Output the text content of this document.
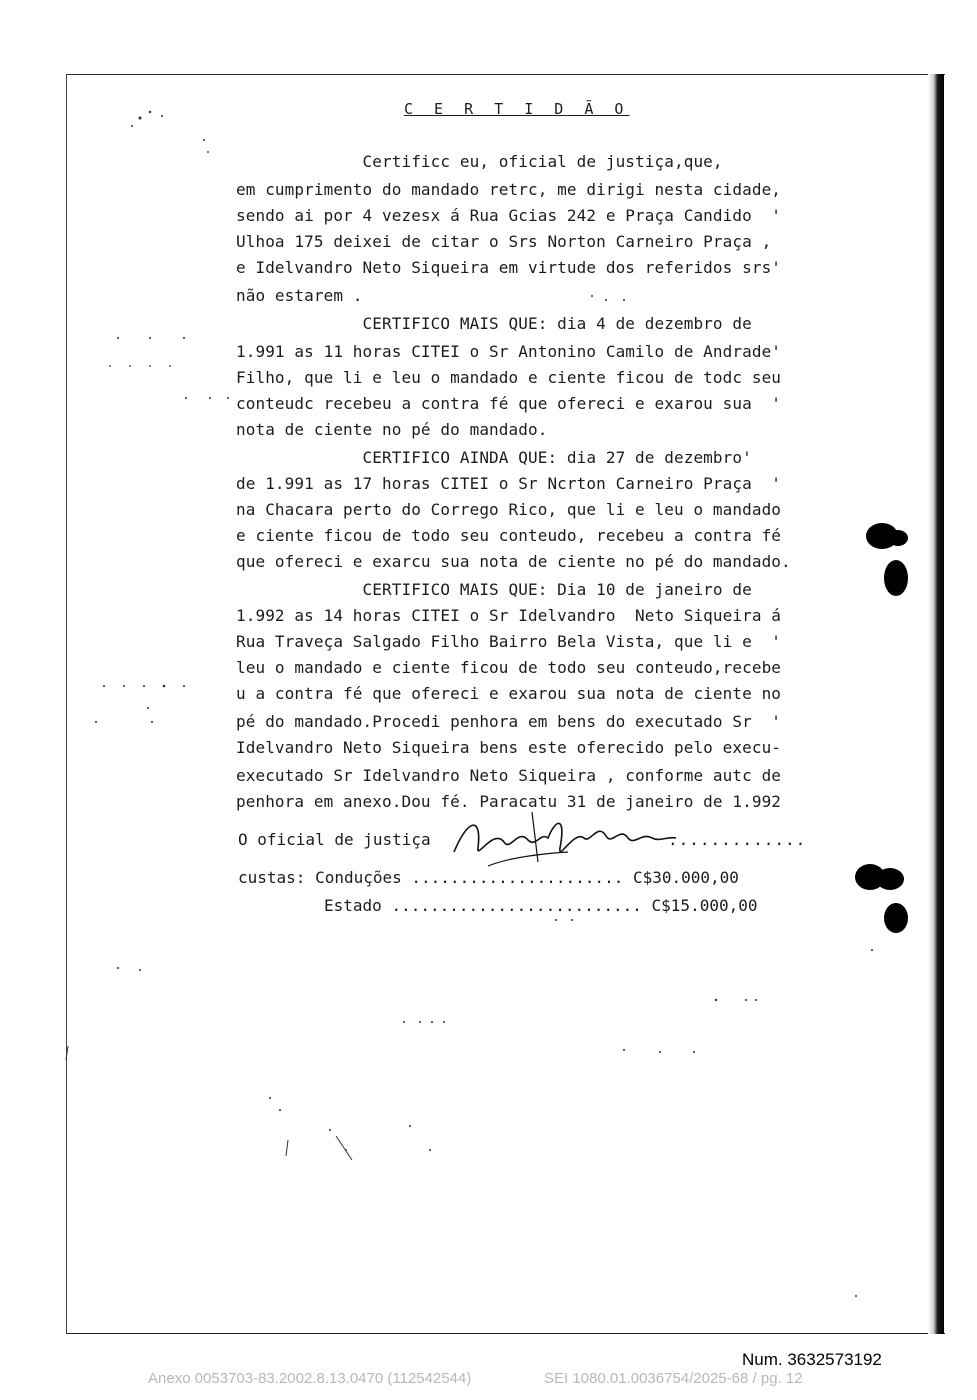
C E R T I D Ã O
Certificc eu, oficial de justiça,que,
em cumprimento do mandado retrc, me dirigi nesta cidade,
sendo ai por 4 vezesx á Rua Gcias 242 e Praça Candido  '
Ulhoa 175 deixei de citar o Srs Norton Carneiro Praça ,
e Idelvandro Neto Siqueira em virtude dos referidos srs'
não estarem .
CERTIFICO MAIS QUE: dia 4 de dezembro de
1.991 as 11 horas CITEI o Sr Antonino Camilo de Andrade'
Filho, que li e leu o mandado e ciente ficou de todc seu
conteudc recebeu a contra fé que ofereci e exarou sua  '
nota de ciente no pé do mandado.
CERTIFICO AINDA QUE: dia 27 de dezembro'
de 1.991 as 17 horas CITEI o Sr Ncrton Carneiro Praça  '
na Chacara perto do Corrego Rico, que li e leu o mandado
e ciente ficou de todo seu conteudo, recebeu a contra fé
que ofereci e exarcu sua nota de ciente no pé do mandado.
CERTIFICO MAIS QUE: Dia 10 de janeiro de
1.992 as 14 horas CITEI o Sr Idelvandro  Neto Siqueira á
Rua Traveça Salgado Filho Bairro Bela Vista, que li e  '
leu o mandado e ciente ficou de todo seu conteudo,recebe
u a contra fé que ofereci e exarou sua nota de ciente no
pé do mandado.Procedi penhora em bens do executado Sr  '
Idelvandro Neto Siqueira bens este oferecido pelo execu-
executado Sr Idelvandro Neto Siqueira , conforme autc de
penhora em anexo.Dou fé. Paracatu 31 de janeiro de 1.992
O oficial de justiça	.............
custas: Conduções ...................... C$30.000,00
Estado .......................... C$15.000,00
Num. 3632573192
Anexo 0053703-83.2002.8.13.0470 (112542544)	SEI 1080.01.0036754/2025-68 / pg. 12
